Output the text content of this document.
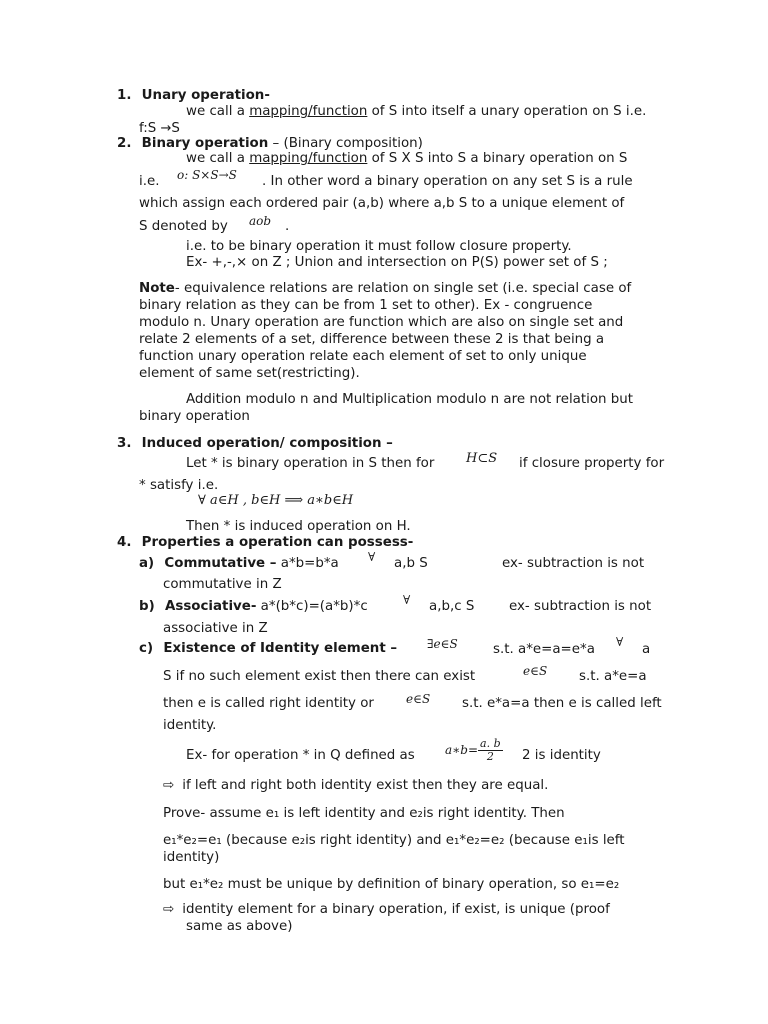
1. Unary operation-
we call a mapping/function of S into itself a unary operation on S i.e.
f:S →S
2. Binary operation – (Binary composition)
we call a mapping/function of S X S into S a binary operation on S
i.e. o: S×S→S . In other word a binary operation on any set S is a rule
which assign each ordered pair (a,b) where a,b S to a unique element of
S denoted by aob .
i.e. to be binary operation it must follow closure property.
Ex- +,-,× on Z ; Union and intersection on P(S) power set of S ;
Note- equivalence relations are relation on single set (i.e. special case of
binary relation as they can be from 1 set to other). Ex - congruence
modulo n. Unary operation are function which are also on single set and
relate 2 elements of a set, difference between these 2 is that being a
function unary operation relate each element of set to only unique
element of same set(restricting).
Addition modulo n and Multiplication modulo n are not relation but
binary operation
3. Induced operation/ composition –
Let * is binary operation in S then for H⊂S if closure property for
* satisfy i.e.
∀ a∈H , b∈H ⟹ a∗b∈H
Then * is induced operation on H.
4. Properties a operation can possess-
a) Commutative – a*b=b*a ∀ a,b S	ex- subtraction is not
commutative in Z
b) Associative- a*(b*c)=(a*b)*c	∀ a,b,c S	ex- subtraction is not
associative in Z
c) Existence of Identity element – ∃e∈S	s.t. a*e=a=e*a ∀ a
S if no such element exist then there can exist	e∈S s.t. a*e=a
then e is called right identity or	e∈S s.t. e*a=a then e is called left
identity.
Ex- for operation * in Q defined as	a∗b= $\frac{a. b}{2} 2$ is identity
⇨ if left and right both identity exist then they are equal.
Prove- assume e₁ is left identity and e₂is right identity. Then
e₁*e₂=e₁ (because e₂is right identity) and e₁*e₂=e₂ (because e₁is left
identity)
but e₁*e₂ must be unique by definition of binary operation, so e₁=e₂
⇨ identity element for a binary operation, if exist, is unique (proof
same as above)
